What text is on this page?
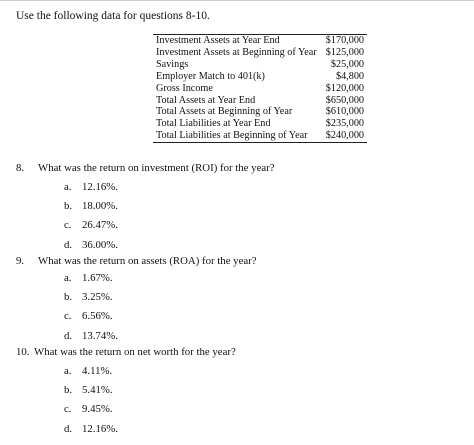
Use the following data for questions 8-10.
Investment Assets at Year End	$170,000
Investment Assets at Beginning of Year	$125,000
Savings	$25,000
Employer Match to 401(k)	$4,800
Gross Income	$120,000
Total Assets at Year End	$650,000
Total Assets at Beginning of Year	$610,000
Total Liabilities at Year End	$235,000
Total Liabilities at Beginning of Year	$240,000
8. What was the return on investment (ROI) for the year?
a. 12.16%.
b. 18.00%.
c. 26.47%.
d. 36.00%.
9. What was the return on assets (ROA) for the year?
a. 1.67%.
b. 3.25%.
c. 6.56%.
d. 13.74%.
10. What was the return on net worth for the year?
a. 4.11%.
b. 5.41%.
c. 9.45%.
d. 12.16%.
